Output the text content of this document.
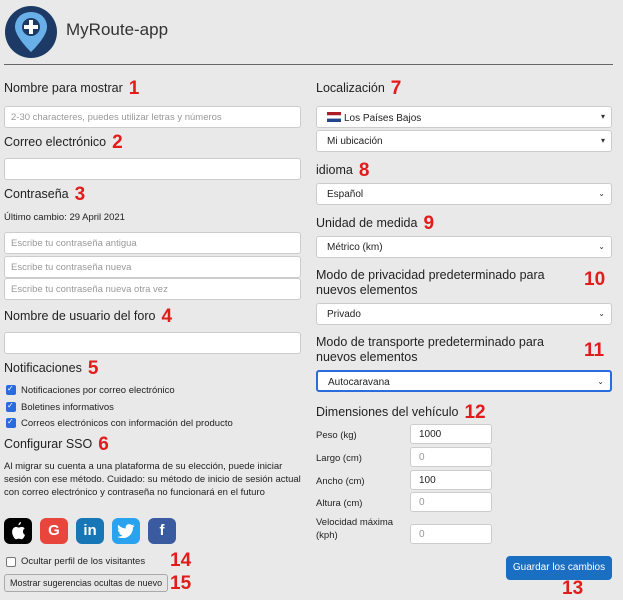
MyRoute-app
Nombre para mostrar 1
2-30 characteres, puedes utilizar letras y números
Correo electrónico 2
Contraseña 3
Último cambio: 29 April 2021
Escribe tu contraseña antigua
Escribe tu contraseña nueva
Escribe tu contraseña nueva otra vez
Nombre de usuario del foro 4
Notificaciones 5
✓
Notificaciones por correo electrónico
✓
Boletines informativos
✓
Correos electrónicos con información del producto
Configurar SSO 6
Al migrar su cuenta a una plataforma de su elección, puede iniciar sesión con ese método. Cuidado: su método de inicio de sesión actual con correo electrónico y contraseña no funcionará en el futuro
G	in	f
Ocultar perfil de los visitantes
Mostrar sugerencias ocultas de nuevo
14
15
Localización 7
Los Países Bajos	▾
Mi ubicación	▾
idioma 8
Español	⌄
Unidad de medida 9
Métrico (km)	⌄
Modo de privacidad predeterminado para nuevos elementos	10
Privado	⌄
Modo de transporte predeterminado para nuevos elementos	11
Autocaravana	⌄
Dimensiones del vehículo 12
Peso (kg)	1000
Largo (cm)	0
Ancho (cm)	100
Altura (cm)	0
Velocidad máxima (kph)	0
Guardar los cambios
13
